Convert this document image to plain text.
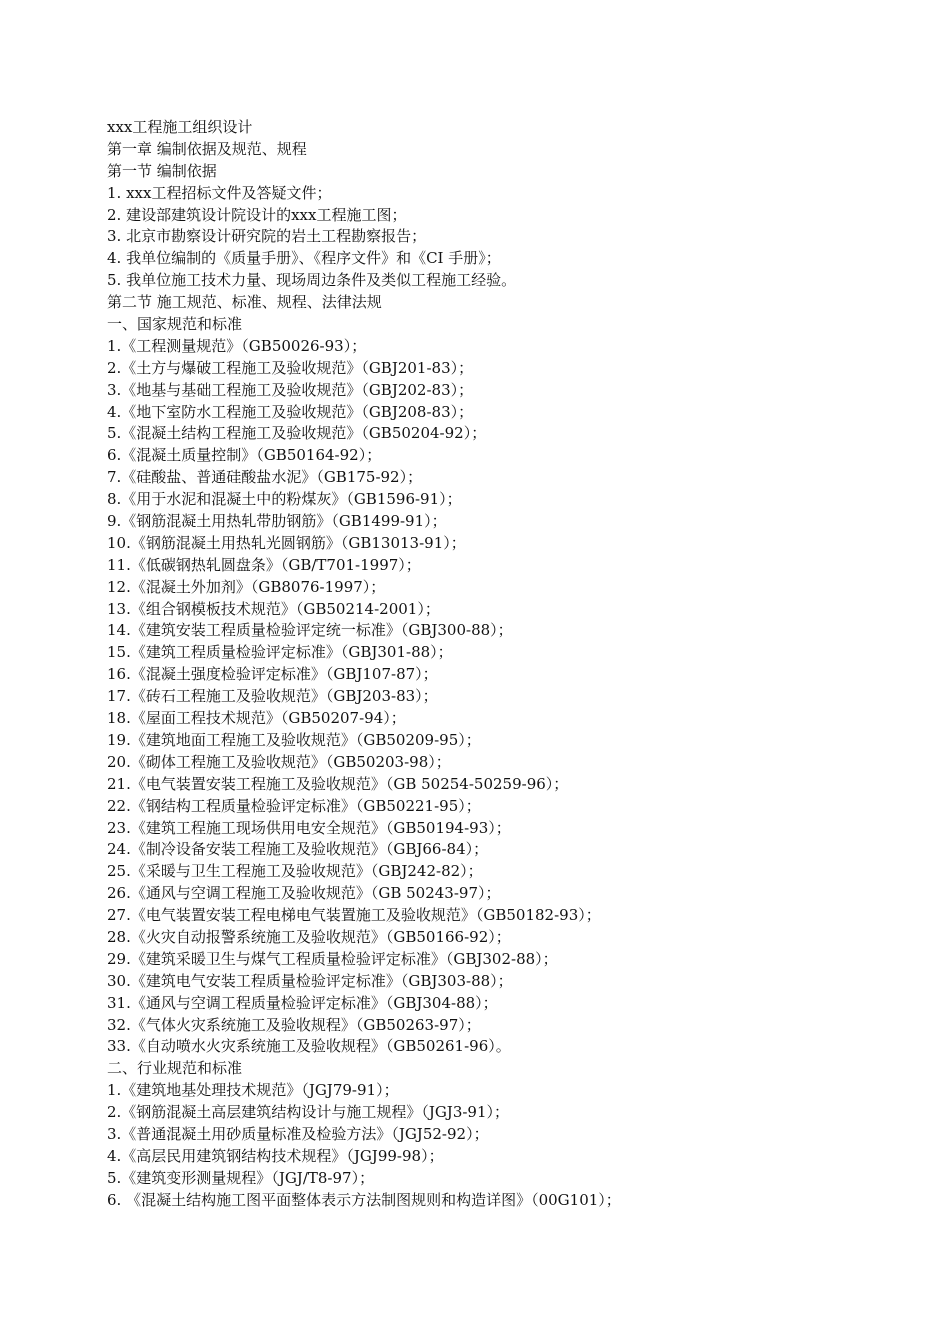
xxx工程施工组织设计
第一章 编制依据及规范、规程
第一节 编制依据
1. xxx工程招标文件及答疑文件；
2. 建设部建筑设计院设计的xxx工程施工图；
3. 北京市勘察设计研究院的岩土工程勘察报告；
4. 我单位编制的《质量手册》、《程序文件》和《CI 手册》；
5. 我单位施工技术力量、现场周边条件及类似工程施工经验。
第二节 施工规范、标准、规程、法律法规
一、国家规范和标准
1.《工程测量规范》（GB50026-93）；
2.《土方与爆破工程施工及验收规范》（GBJ201-83）；
3.《地基与基础工程施工及验收规范》（GBJ202-83）；
4.《地下室防水工程施工及验收规范》（GBJ208-83）；
5.《混凝土结构工程施工及验收规范》（GB50204-92）；
6.《混凝土质量控制》（GB50164-92）；
7.《硅酸盐、普通硅酸盐水泥》（GB175-92）；
8.《用于水泥和混凝土中的粉煤灰》（GB1596-91）；
9.《钢筋混凝土用热轧带肋钢筋》（GB1499-91）；
10.《钢筋混凝土用热轧光圆钢筋》（GB13013-91）；
11.《低碳钢热轧圆盘条》（GB/T701-1997）；
12.《混凝土外加剂》（GB8076-1997）；
13.《组合钢模板技术规范》（GB50214-2001）；
14.《建筑安装工程质量检验评定统一标准》（GBJ300-88）；
15.《建筑工程质量检验评定标准》（GBJ301-88）；
16.《混凝土强度检验评定标准》（GBJ107-87）；
17.《砖石工程施工及验收规范》（GBJ203-83）；
18.《屋面工程技术规范》（GB50207-94）；
19.《建筑地面工程施工及验收规范》（GB50209-95）；
20.《砌体工程施工及验收规范》（GB50203-98）；
21.《电气装置安装工程施工及验收规范》（GB 50254-50259-96）；
22.《钢结构工程质量检验评定标准》（GB50221-95）；
23.《建筑工程施工现场供用电安全规范》（GB50194-93）；
24.《制冷设备安装工程施工及验收规范》（GBJ66-84）；
25.《采暖与卫生工程施工及验收规范》（GBJ242-82）；
26.《通风与空调工程施工及验收规范》（GB 50243-97）；
27.《电气装置安装工程电梯电气装置施工及验收规范》（GB50182-93）；
28.《火灾自动报警系统施工及验收规范》（GB50166-92）；
29.《建筑采暖卫生与煤气工程质量检验评定标准》（GBJ302-88）；
30.《建筑电气安装工程质量检验评定标准》（GBJ303-88）；
31.《通风与空调工程质量检验评定标准》（GBJ304-88）；
32.《气体火灾系统施工及验收规程》（GB50263-97）；
33.《自动喷水火灾系统施工及验收规程》（GB50261-96）。
二、行业规范和标准
1.《建筑地基处理技术规范》（JGJ79-91）；
2.《钢筋混凝土高层建筑结构设计与施工规程》（JGJ3-91）；
3.《普通混凝土用砂质量标准及检验方法》（JGJ52-92）；
4.《高层民用建筑钢结构技术规程》（JGJ99-98）；
5.《建筑变形测量规程》（JGJ/T8-97）；
6. 《混凝土结构施工图平面整体表示方法制图规则和构造详图》（00G101）；
